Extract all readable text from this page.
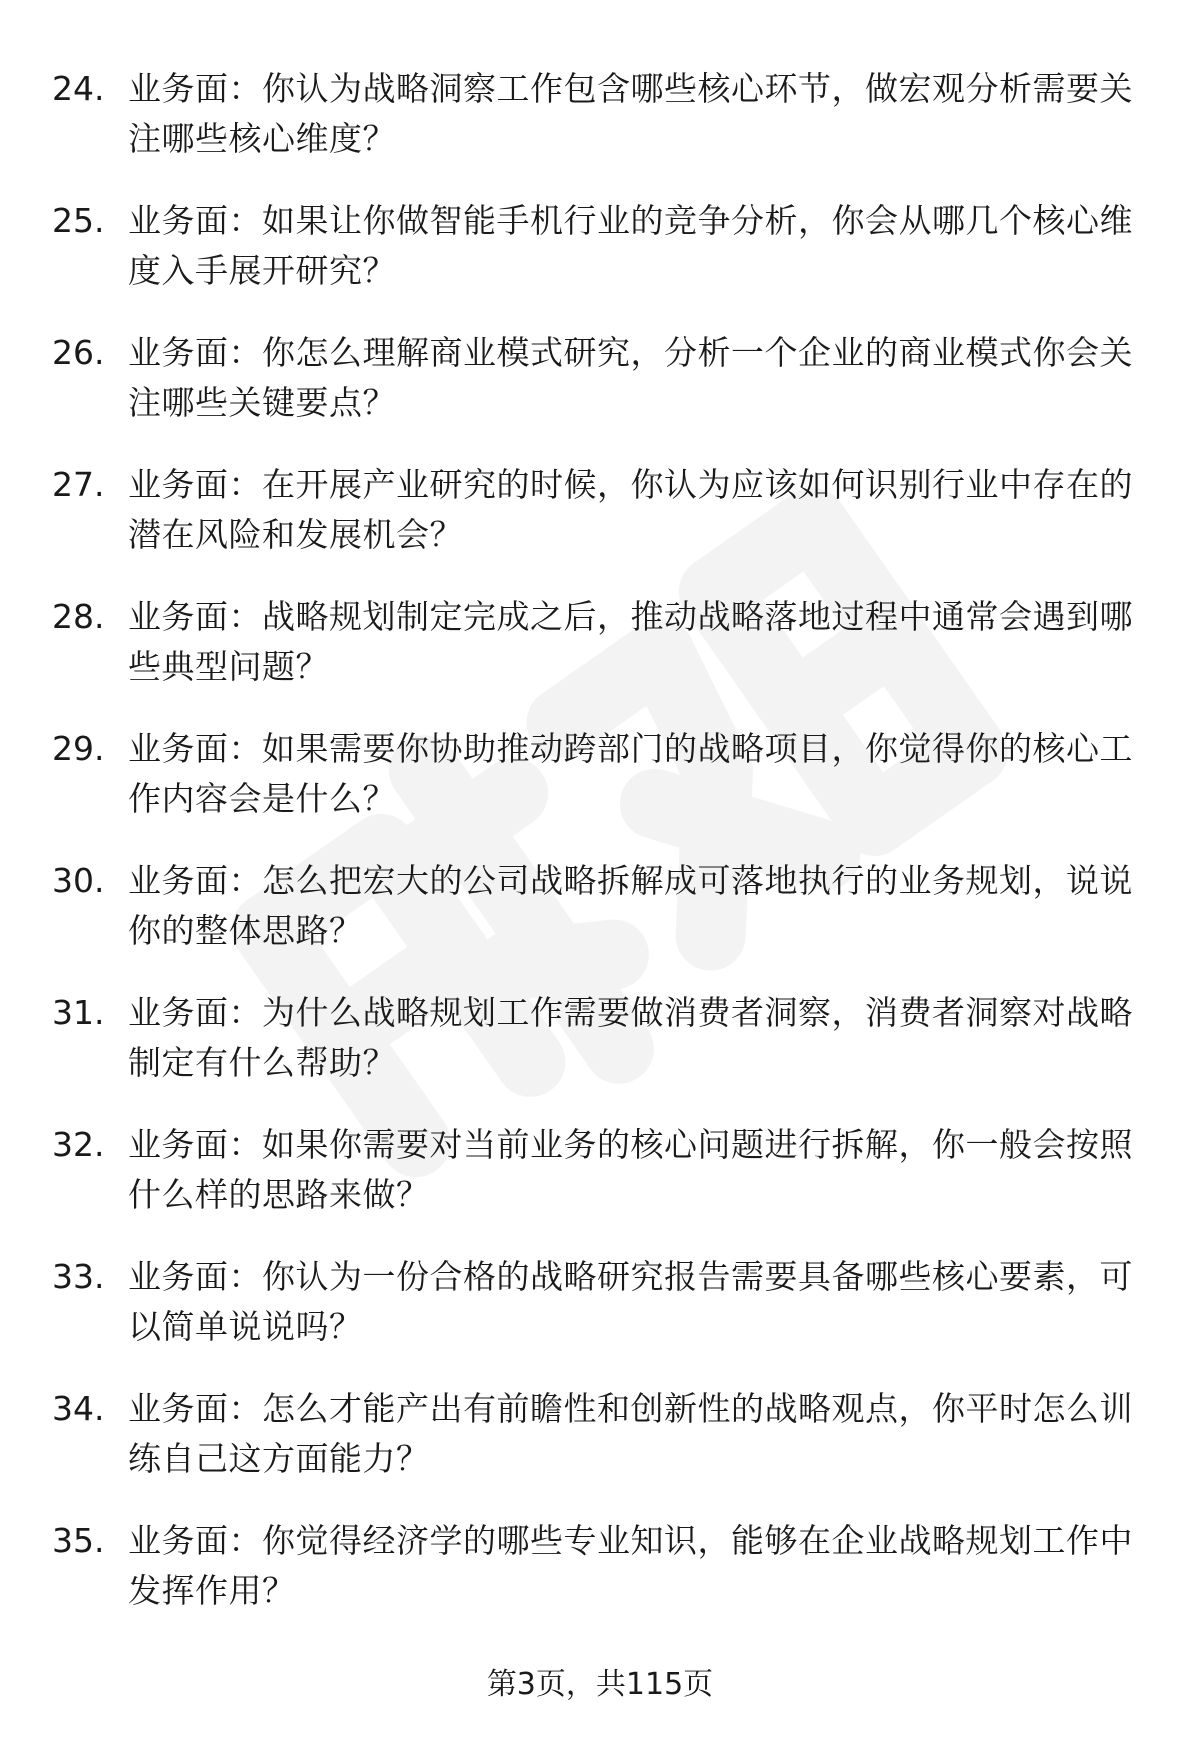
24. 业务面：你认为战略洞察工作包含哪些核心环节，做宏观分析需要关注哪些核心维度？
25. 业务面：如果让你做智能手机行业的竞争分析，你会从哪几个核心维度入手展开研究？
26. 业务面：你怎么理解商业模式研究，分析一个企业的商业模式你会关注哪些关键要点？
27. 业务面：在开展产业研究的时候，你认为应该如何识别行业中存在的潜在风险和发展机会？
28. 业务面：战略规划制定完成之后，推动战略落地过程中通常会遇到哪些典型问题？
29. 业务面：如果需要你协助推动跨部门的战略项目，你觉得你的核心工作内容会是什么？
30. 业务面：怎么把宏大的公司战略拆解成可落地执行的业务规划，说说你的整体思路？
31. 业务面：为什么战略规划工作需要做消费者洞察，消费者洞察对战略制定有什么帮助？
32. 业务面：如果你需要对当前业务的核心问题进行拆解，你一般会按照什么样的思路来做？
33. 业务面：你认为一份合格的战略研究报告需要具备哪些核心要素，可以简单说说吗？
34. 业务面：怎么才能产出有前瞻性和创新性的战略观点，你平时怎么训练自己这方面能力？
35. 业务面：你觉得经济学的哪些专业知识，能够在企业战略规划工作中发挥作用？
第3页，共115页
